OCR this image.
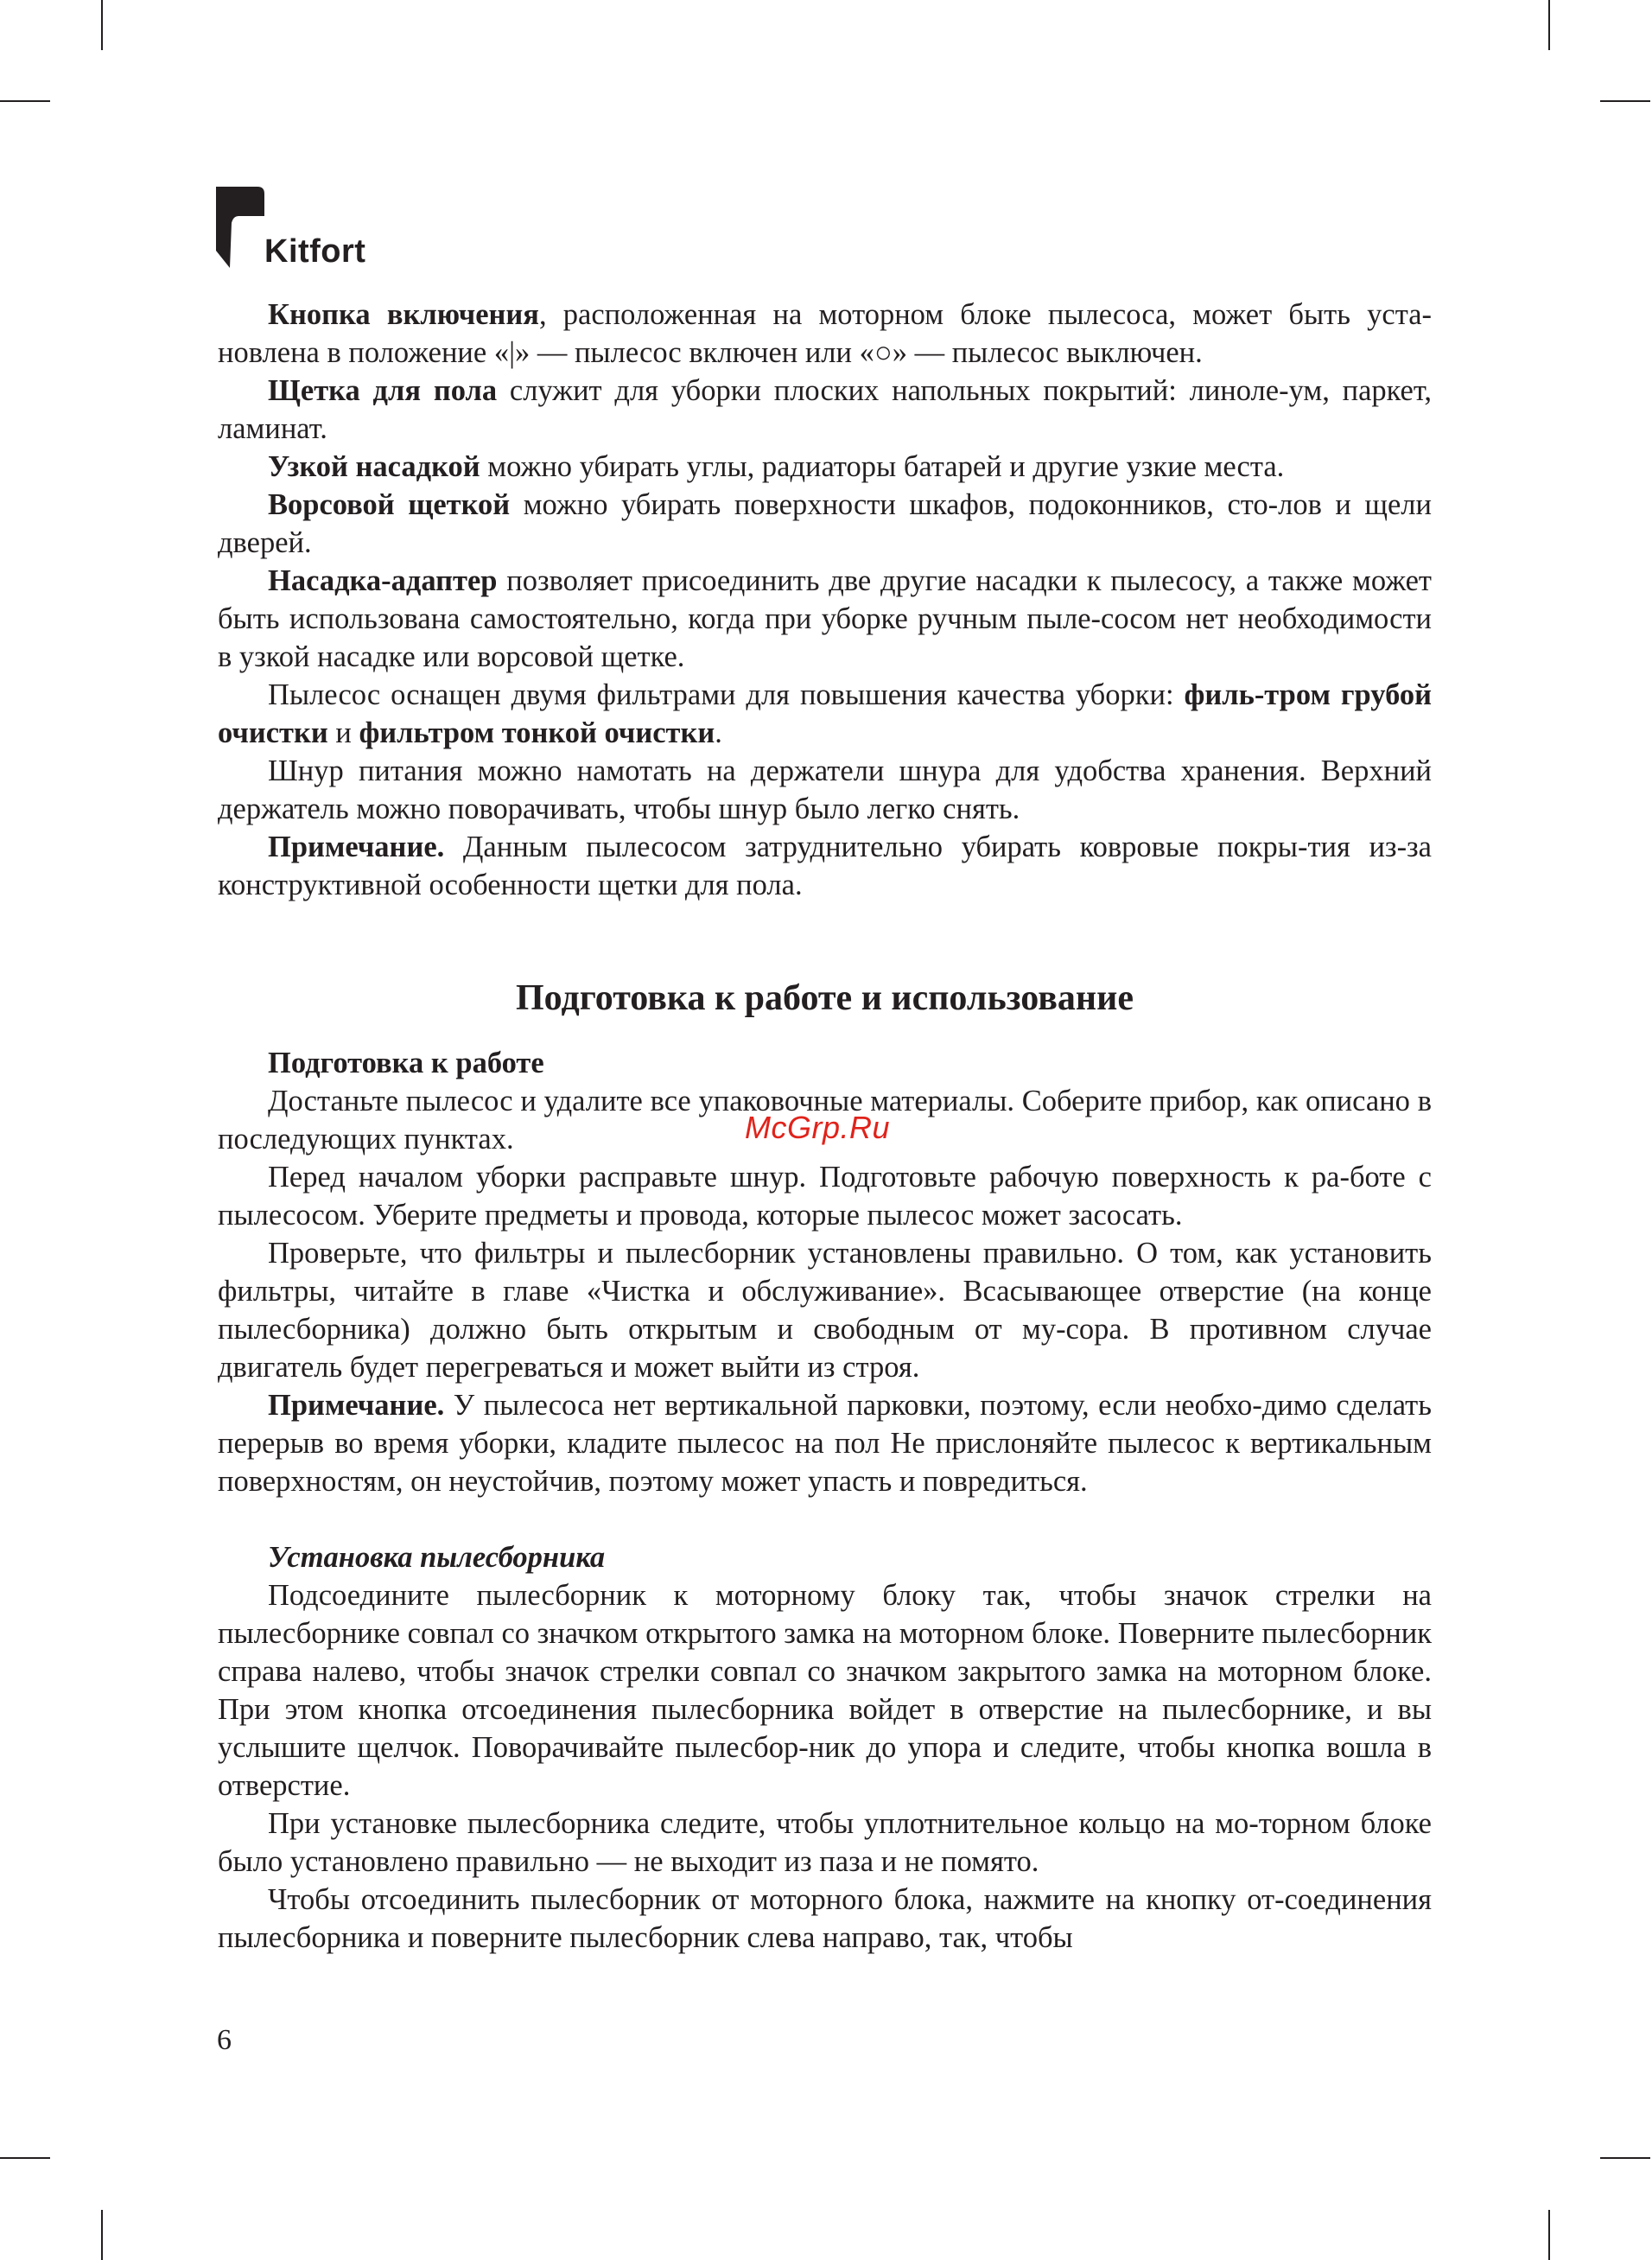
Kitfort

Кнопка включения, расположенная на моторном блоке пылесоса, может быть уста-новлена в положение «|» — пылесос включен или «○» — пылесос выключен.

Щетка для пола служит для уборки плоских напольных покрытий: линоле-ум, паркет, ламинат.

Узкой насадкой можно убирать углы, радиаторы батарей и другие узкие места.

Ворсовой щеткой можно убирать поверхности шкафов, подоконников, сто-лов и щели дверей.

Насадка-адаптер позволяет присоединить две другие насадки к пылесосу, а также может быть использована самостоятельно, когда при уборке ручным пыле-сосом нет необходимости в узкой насадке или ворсовой щетке.

Пылесос оснащен двумя фильтрами для повышения качества уборки: филь-тром грубой очистки и фильтром тонкой очистки.

Шнур питания можно намотать на держатели шнура для удобства хранения. Верхний держатель можно поворачивать, чтобы шнур было легко снять.

Примечание. Данным пылесосом затруднительно убирать ковровые покры-тия из-за конструктивной особенности щетки для пола.

Подготовка к работе и использование
Подготовка к работе

Достаньте пылесос и удалите все упаковочные материалы. Соберите прибор, как описано в последующих пунктах.

Перед началом уборки расправьте шнур. Подготовьте рабочую поверхность к ра-боте с пылесосом. Уберите предметы и провода, которые пылесос может засосать.

Проверьте, что фильтры и пылесборник установлены правильно. О том, как установить фильтры, читайте в главе «Чистка и обслуживание». Всасывающее отверстие (на конце пылесборника) должно быть открытым и свободным от му-сора. В противном случае двигатель будет перегреваться и может выйти из строя.

Примечание. У пылесоса нет вертикальной парковки, поэтому, если необхо-димо сделать перерыв во время уборки, кладите пылесос на пол Не прислоняйте пылесос к вертикальным поверхностям, он неустойчив, поэтому может упасть и повредиться.

Установка пылесборника

Подсоедините пылесборник к моторному блоку так, чтобы значок стрелки на пылесборнике совпал со значком открытого замка на моторном блоке. Поверните пылесборник справа налево, чтобы значок стрелки совпал со значком закрытого замка на моторном блоке. При этом кнопка отсоединения пылесборника войдет в отверстие на пылесборнике, и вы услышите щелчок. Поворачивайте пылесбор-ник до упора и следите, чтобы кнопка вошла в отверстие.

При установке пылесборника следите, чтобы уплотнительное кольцо на мо-торном блоке было установлено правильно — не выходит из паза и не помято.

Чтобы отсоединить пылесборник от моторного блока, нажмите на кнопку от-соединения пылесборника и поверните пылесборник слева направо, так, чтобы

McGrp.Ru
6
